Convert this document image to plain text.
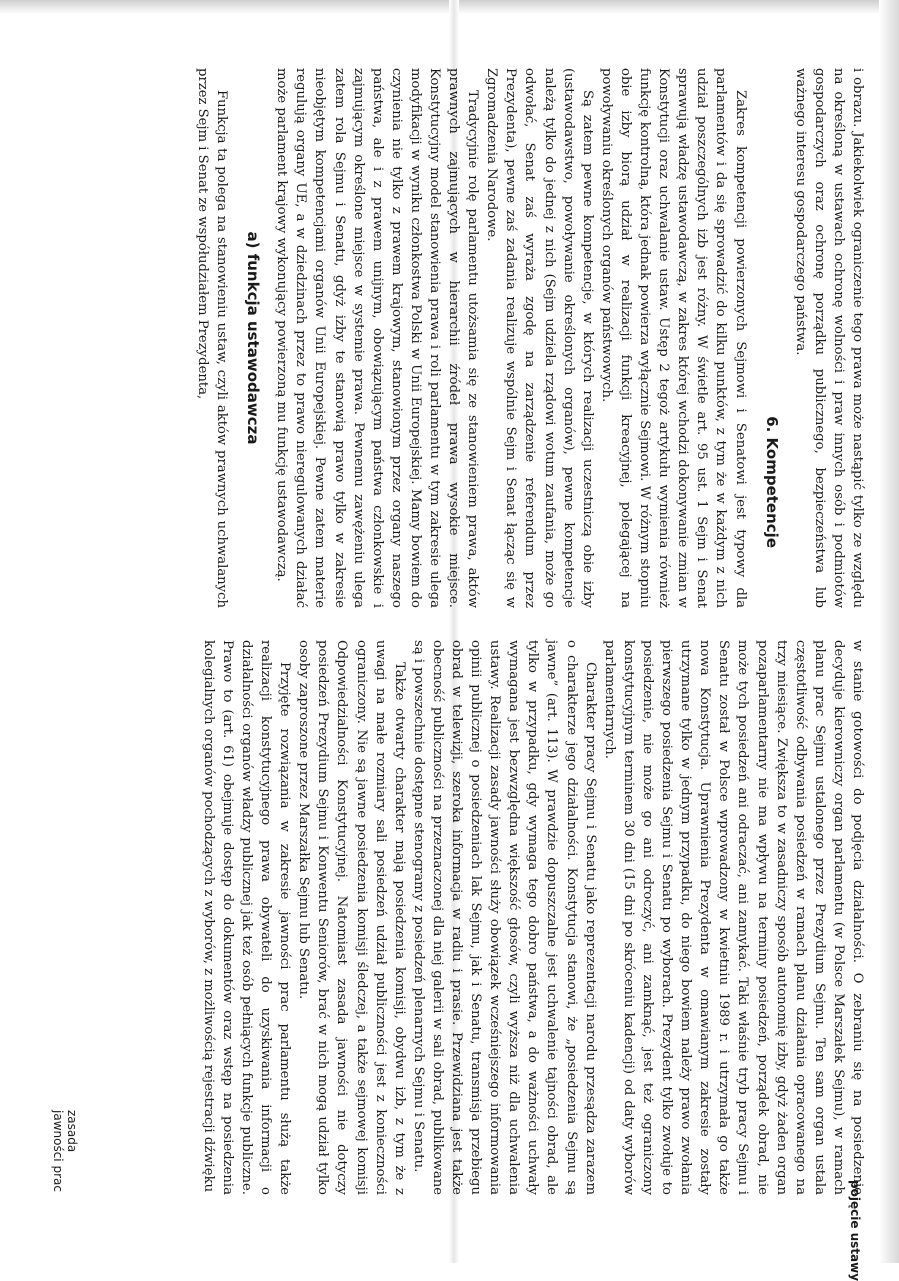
w stanie gotowości do podjęcia działalności. O zebraniu się na posiedzenie decyduje kierowniczy organ parlamentu (w Polsce Marszałek Sejmu), w ramach planu prac Sejmu ustalonego przez Prezydium Sejmu. Ten sam organ ustala częstotliwość odbywania posiedzeń w ramach planu działania opracowanego na trzy miesiące. Zwiększa to w zasadniczy sposób autonomię izby, gdyż żaden organ pozaparlamentarny nie ma wpływu na terminy posiedzeń, porządek obrad, nie może tych posiedzeń ani odraczać, ani zamykać. Taki właśnie tryb pracy Sejmu i Senatu został w Polsce wprowadzony w kwietniu 1989 r. i utrzymała go także nowa Konstytucja. Uprawnienia Prezydenta w omawianym zakresie zostały utrzymane tylko w jednym przypadku, do niego bowiem należy prawo zwołania pierwszego posiedzenia Sejmu i Senatu po wyborach. Prezydent tylko zwołuje to posiedzenie, nie może go ani odroczyć, ani zamknąć, jest też ograniczony konstytucyjnym terminem 30 dni (15 dni po skróceniu kadencji) od daty wyborów parlamentarnych.

Charakter pracy Sejmu i Senatu jako reprezentacji narodu przesądza zarazem o charakterze jego działalności. Konstytucja stanowi, że „posiedzenia Sejmu są jawne” (art. 113). W prawdzie dopuszczalne jest uchwalenie tajności obrad, ale tylko w przypadku, gdy wymaga tego dobro państwa, a do ważności uchwały wymagana jest bezwzględna większość głosów, czyli wyższa niż dla uchwalenia ustawy. Realizacji zasady jawności służy obowiązek wcześniejszego informowania opinii publicznej o posiedzeniach lak Sejmu, jak i Senatu, transmisja przebiegu obrad w telewizji, szeroka informacja w radiu i prasie. Przewidziana jest także obecność publiczności na przeznaczonej dla niej galerii w sali obrad, publikowane są i powszechnie dostępne stenogramy z posiedzeń plenarnych Sejmu i Senatu.

Także otwarty charakter mają posiedzenia komisji, obydwu izb, z tym że z uwagi na małe rozmiary sali posiedzeń udział publiczności jest z konieczności ograniczony. Nie są jawne posiedzenia komisji śledczej, a także sejmowej komisji Odpowiedzialności Konstytucyjnej. Natomiast zasada jawności nie dotyczy posiedzeń Prezydium Sejmu i Konwentu Seniorów, brać w nich mogą udział tylko osoby zaproszone przez Marszałka Sejmu lub Senatu.

Przyjęte rozwiązania w zakresie jawności prac parlamentu służą także realizacji konstytucyjnego prawa obywateli do uzyskiwania informacji o działalności organów władzy publicznej jak też osób pełniących funkcje publiczne. Prawo to (art. 61) obejmuje dostęp do dokumentów oraz wstęp na posiedzenia kolegialnych organów pochodzących z wyborów, z możliwością rejestracji dźwięku

i obrazu. Jakiekolwiek ograniczenie tego prawa może nastąpić tylko ze względu na określoną w ustawach ochronę wolności i praw innych osób i podmiotów gospodarczych oraz ochronę porządku publicznego, bezpieczeństwa lub ważnego interesu gospodarczego państwa.

6. Kompetencje

Zakres kompetencji powierzonych Sejmowi i Senatowi jest typowy dla parlamentów i da się sprowadzić do kilku punktów, z tym że w każdym z nich udział poszczególnych izb jest różny. W świetle art. 95 ust. 1 Sejm i Senat sprawują władzę ustawodawczą, w zakres której wchodzi dokonywanie zmian w Konstytucji oraz uchwalanie ustaw. Ustęp 2 tegoż artykułu wymienia również funkcję kontrolną, która jednak powierza wyłącznie Sejmowi. W różnym stopniu obie izby biorą udział w realizacji funkcji kreacyjnej, polegającej na powoływaniu określonych organów państwowych.

Są zatem pewne kompetencje, w których realizacji uczestniczą obie izby (ustawodawstwo, powoływanie określonych organów), pewne kompetencje należą tylko do jednej z nich (Sejm udziela rządowi wotum zaufania, może go odwołać, Senat zaś wyraża zgodę na zarządzenie referendum przez Prezydenta), pewne zaś zadania realizuje wspólnie Sejm i Senat łącząc się w Zgromadzenia Narodowe.

Tradycyjnie rolę parlamentu utożsamia się ze stanowieniem prawa, aktów prawnych zajmujących w hierarchii źródeł prawa wysokie miejsce. Konstytucyjny model stanowienia prawa i roli parlamentu w tym zakresie ulega modyfikacji w wyniku członkostwa Polski w Unii Europejskiej. Mamy bowiem do czynienia nie tylko z prawem krajowym, stanowionym przez organy naszego państwa, ale i z prawem unijnym, obowiązującym państwa członkowskie i zajmującym określone miejsce w systemie prawa. Pewnemu zawężeniu ulega zatem rola Sejmu i Senatu, gdyż izby te stanowią prawo tylko w zakresie nieobjętym kompetencjami organów Unii Europejskiej. Pewne zatem materie regulują organy UE, a w dziedzinach przez to prawo nieregulowanych działać może parlament krajowy wykonujący powierzoną mu funkcję ustawodawczą.

a) funkcja ustawodawcza

Funkcja ta polega na stanowieniu ustaw, czyli aktów prawnych uchwalanych przez Sejm i Senat ze współudziałem Prezydenta,

zasada
jawności prac
pojęcie ustawy
